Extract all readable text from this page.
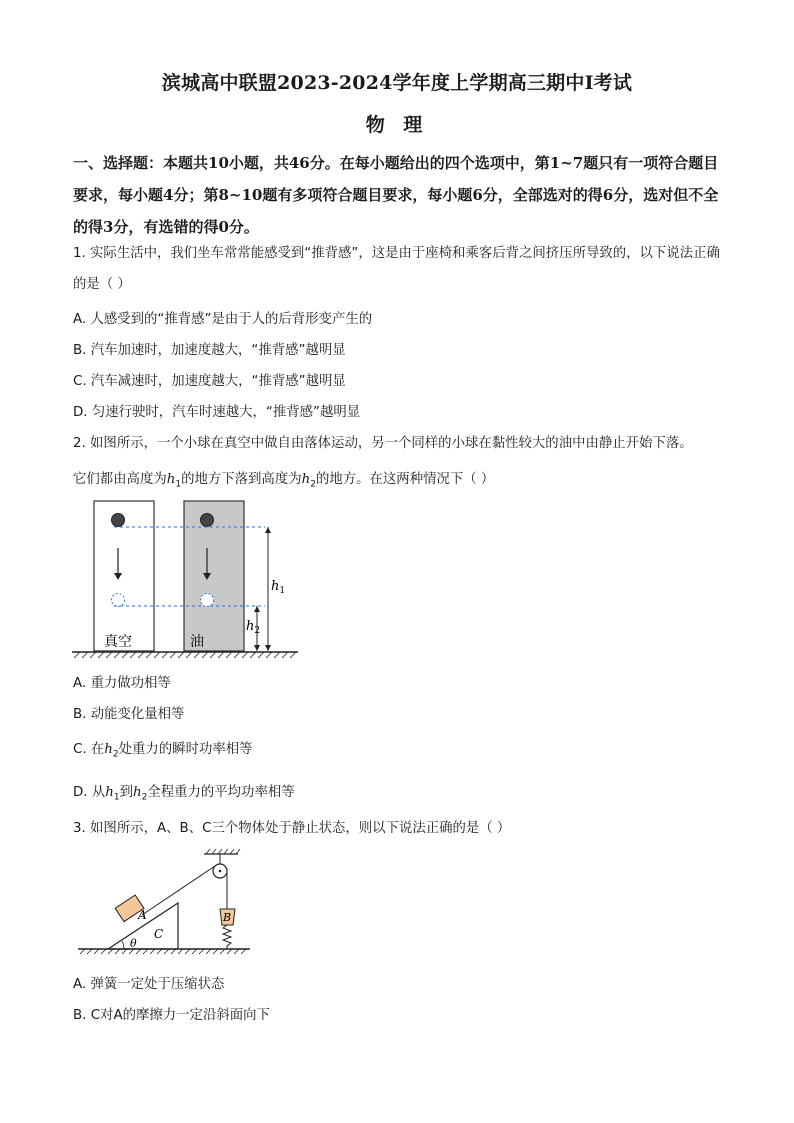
滨城高中联盟2023-2024学年度上学期高三期中Ⅰ考试
物 理

一、选择题：本题共10小题，共46分。在每小题给出的四个选项中，第1~7题只有一项符合题目要求，每小题4分；第8~10题有多项符合题目要求，每小题6分，全部选对的得6分，选对但不全的得3分，有选错的得0分。

1. 实际生活中，我们坐车常常能感受到“推背感”，这是由于座椅和乘客后背之间挤压所导致的，以下说法正确的是（ ）

A. 人感受到的“推背感”是由于人的后背形变产生的

B. 汽车加速时，加速度越大，“推背感”越明显

C. 汽车减速时，加速度越大，“推背感”越明显

D. 匀速行驶时，汽车时速越大，“推背感”越明显

2. 如图所示，一个小球在真空中做自由落体运动，另一个同样的小球在黏性较大的油中由静止开始下落。

它们都由高度为$h_1$的地方下落到高度为$h_2$的地方。在这两种情况下（ ）

$h_1$
$h_2$
真空	油

A. 重力做功相等

B. 动能变化量相等

C. 在$h_2$处重力的瞬时功率相等

D. 从$h_1$到$h_2$全程重力的平均功率相等

3. 如图所示，A、B、C三个物体处于静止状态，则以下说法正确的是（ ）

A	B
C
θ

A. 弹簧一定处于压缩状态

B. C对A的摩擦力一定沿斜面向下
